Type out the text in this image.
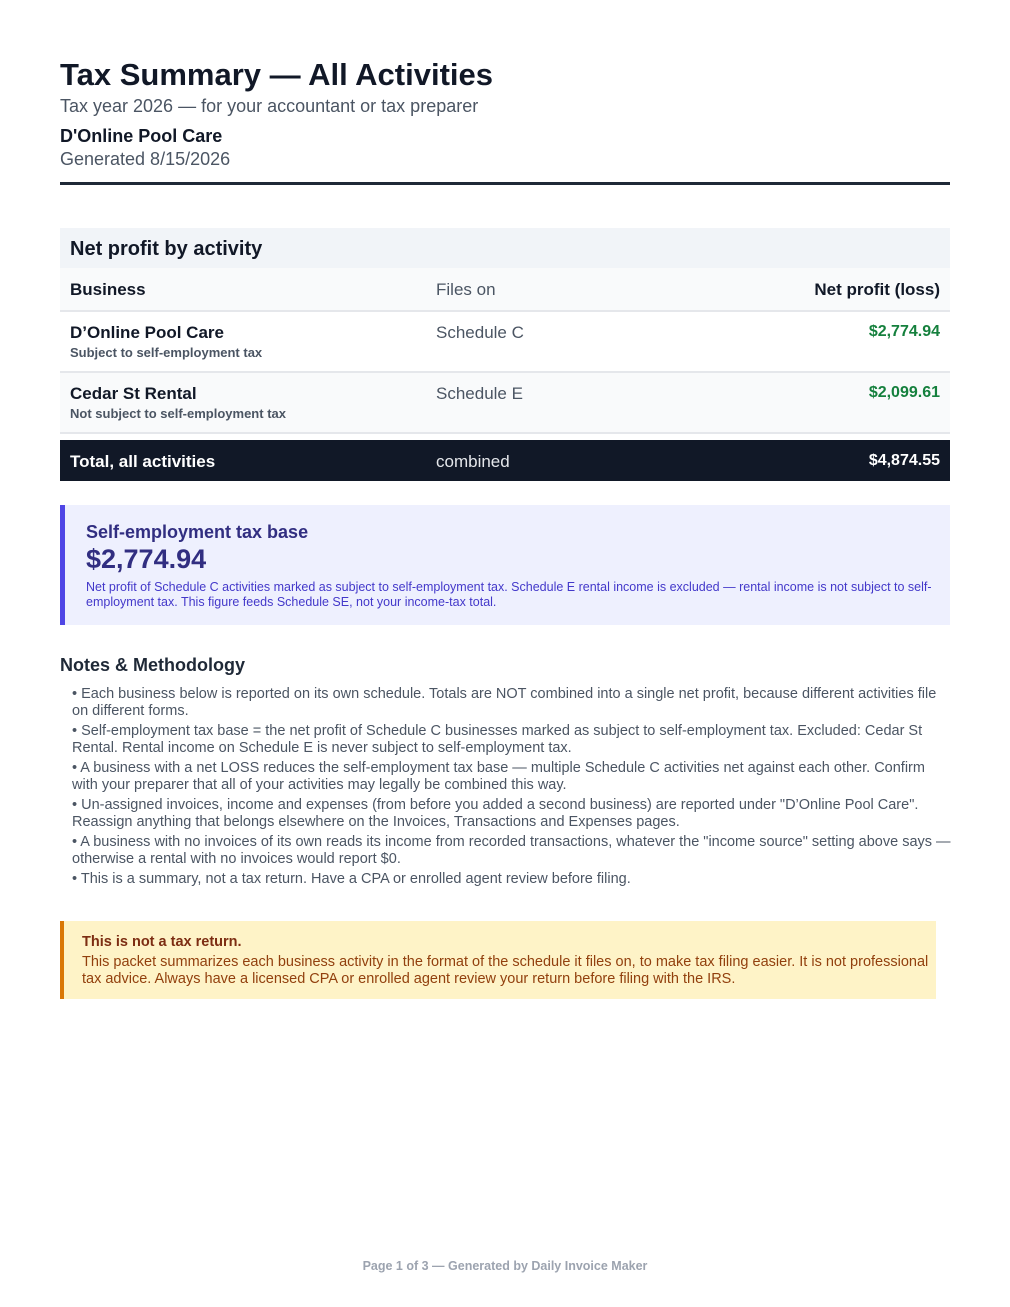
Tax Summary — All Activities
Tax year 2026 — for your accountant or tax preparer
D'Online Pool Care
Generated 8/15/2026
Net profit by activity
Business	Files on	Net profit (loss)
D’Online Pool Care
Subject to self-employment tax
Schedule C	$2,774.94
Cedar St Rental
Not subject to self-employment tax
Schedule E	$2,099.61
Total, all activities	combined	$4,874.55
Self-employment tax base
$2,774.94
Net profit of Schedule C activities marked as subject to self-employment tax. Schedule E rental income is excluded — rental income is not subject to self-employment tax. This figure feeds Schedule SE, not your income-tax total.
Notes & Methodology
• Each business below is reported on its own schedule. Totals are NOT combined into a single net profit, because different activities file on different forms.
• Self-employment tax base = the net profit of Schedule C businesses marked as subject to self-employment tax. Excluded: Cedar St Rental. Rental income on Schedule E is never subject to self-employment tax.
• A business with a net LOSS reduces the self-employment tax base — multiple Schedule C activities net against each other. Confirm with your preparer that all of your activities may legally be combined this way.
• Un-assigned invoices, income and expenses (from before you added a second business) are reported under "D’Online Pool Care". Reassign anything that belongs elsewhere on the Invoices, Transactions and Expenses pages.
• A business with no invoices of its own reads its income from recorded transactions, whatever the "income source" setting above says — otherwise a rental with no invoices would report $0.
• This is a summary, not a tax return. Have a CPA or enrolled agent review before filing.
This is not a tax return.
This packet summarizes each business activity in the format of the schedule it files on, to make tax filing easier. It is not professional tax advice. Always have a licensed CPA or enrolled agent review your return before filing with the IRS.
Page 1 of 3 — Generated by Daily Invoice Maker
